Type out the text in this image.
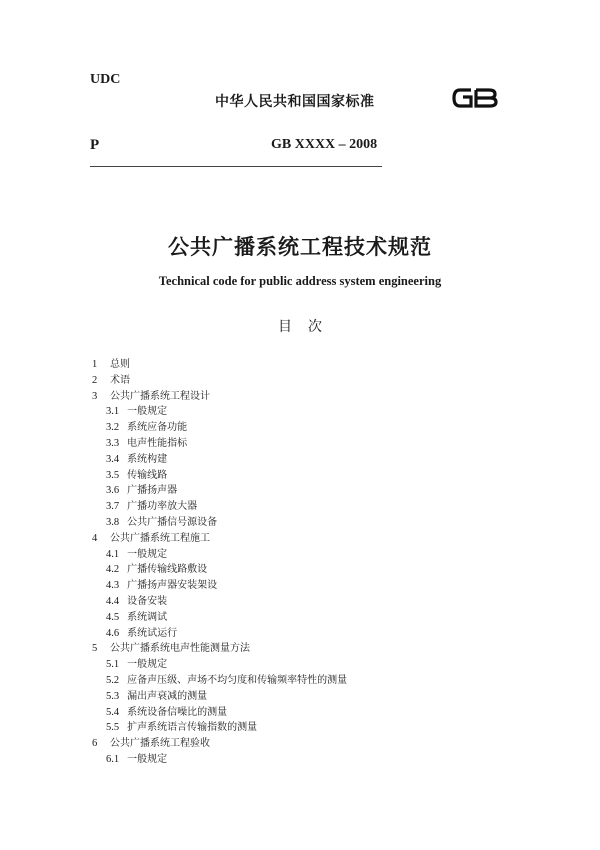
UDC
中华人民共和国国家标准
P	GB XXXX – 2008
公共广播系统工程技术规范
Technical code for public address system engineering
目次
1 总则
2 术语
3 公共广播系统工程设计
3.1 一般规定
3.2 系统应备功能
3.3 电声性能指标
3.4 系统构建
3.5 传输线路
3.6 广播扬声器
3.7 广播功率放大器
3.8 公共广播信号源设备
4 公共广播系统工程施工
4.1 一般规定
4.2 广播传输线路敷设
4.3 广播扬声器安装架设
4.4 设备安装
4.5 系统调试
4.6 系统试运行
5 公共广播系统电声性能测量方法
5.1 一般规定
5.2 应备声压级、声场不均匀度和传输频率特性的测量
5.3 漏出声衰减的测量
5.4 系统设备信噪比的测量
5.5 扩声系统语言传输指数的测量
6 公共广播系统工程验收
6.1 一般规定
